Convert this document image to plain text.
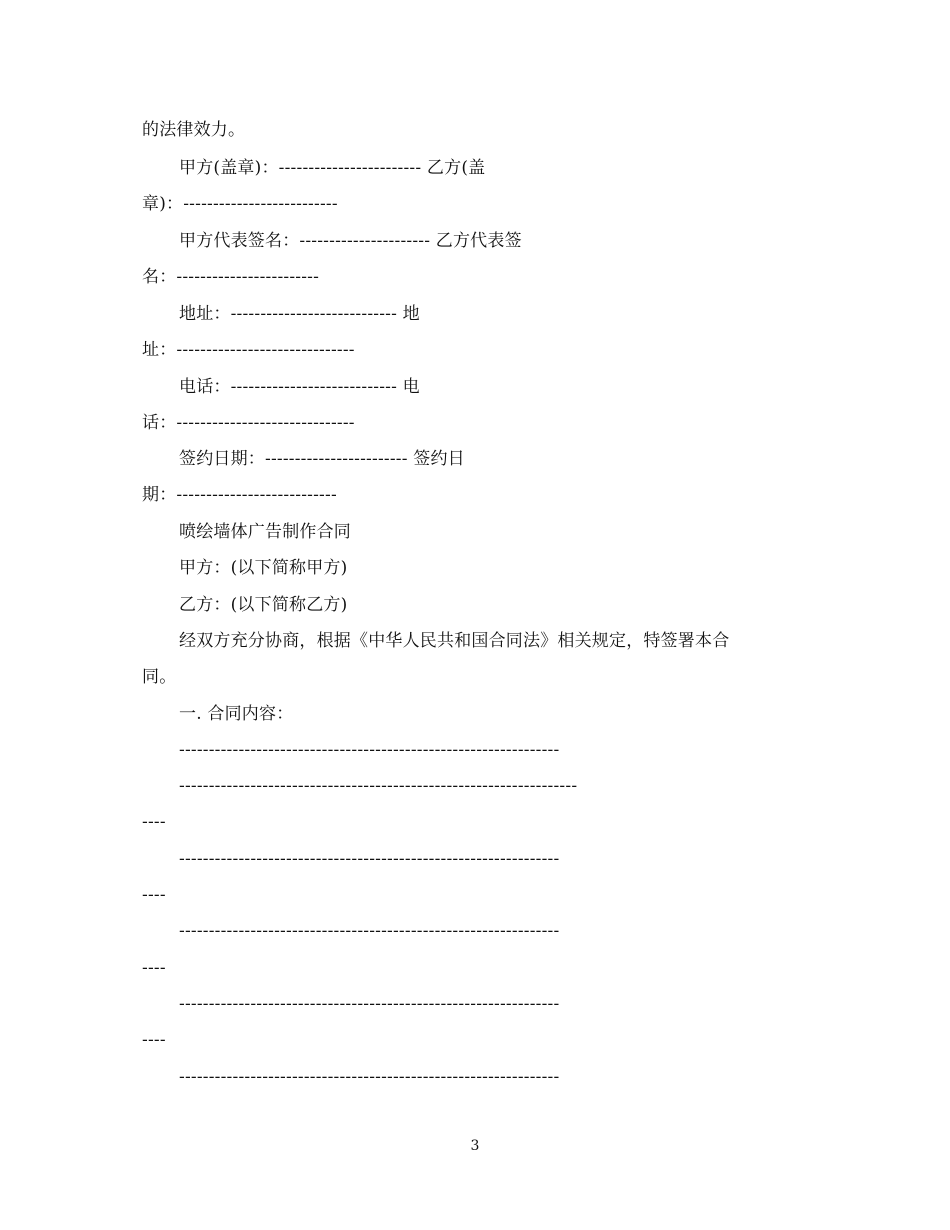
的法律效力。
甲方(盖章)：------------------------ 乙方(盖
章)：--------------------------
甲方代表签名：---------------------- 乙方代表签
名：------------------------
地址：---------------------------- 地
址：------------------------------
电话：---------------------------- 电
话：------------------------------
签约日期：------------------------ 签约日
期：---------------------------
喷绘墙体广告制作合同
甲方：(以下简称甲方)
乙方：(以下简称乙方)
经双方充分协商，根据《中华人民共和国合同法》相关规定，特签署本合
同。
一. 合同内容：
----------------------------------------------------------------
-------------------------------------------------------------------
----
----------------------------------------------------------------
----
----------------------------------------------------------------
----
----------------------------------------------------------------
----
----------------------------------------------------------------
3
